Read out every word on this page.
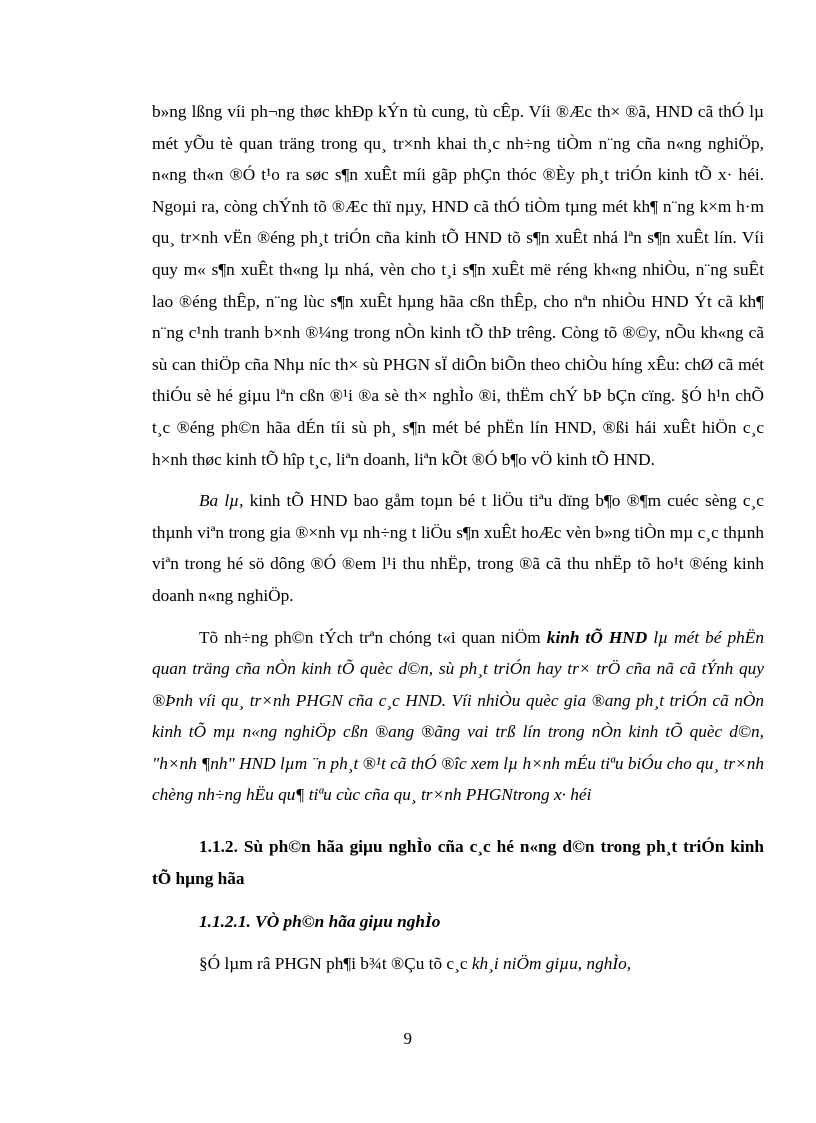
b»ng lßng víi ph¬ng thøc khÐp kÝn tù cung, tù cÊp. Víi ®Æc th× ®ã, HND cã thÓ lµ mét yÕu tè quan träng trong qu¸ tr×nh khai th¸c nh÷ng tiÒm n¨ng cña n«ng nghiÖp, n«ng th«n ®Ó t¹o ra søc s¶n xuÊt míi gãp phÇn thóc ®Èy ph¸t triÓn kinh tÕ x· héi. Ngoµi ra, còng chÝnh tõ ®Æc thï nµy, HND cã thÓ tiÒm tµng mét kh¶ n¨ng k×m h·m qu¸ tr×nh vËn ®éng ph¸t triÓn cña kinh tÕ HND tõ s¶n xuÊt nhá lªn s¶n xuÊt lín. Víi quy m« s¶n xuÊt th«ng lµ nhá, vèn cho t¸i s¶n xuÊt më réng kh«ng nhiÒu, n¨ng suÊt lao ®éng thÊp, n¨ng lùc s¶n xuÊt hµng hãa cßn thÊp, cho nªn nhiÒu HND Ýt cã kh¶ n¨ng c¹nh tranh b×nh ®¼ng trong nÒn kinh tÕ thÞ trêng. Còng tõ ®©y, nÕu kh«ng cã sù can thiÖp cña Nhµ níc th× sù PHGN sÏ diÔn biÕn theo chiÒu híng xÊu: chØ cã mét thiÓu sè hé giµu lªn cßn ®¹i ®a sè th× nghÌo ®i, thËm chÝ bÞ bÇn cïng. §Ó h¹n chÕ t¸c ®éng ph©n hãa dÉn tíi sù ph¸ s¶n mét bé phËn lín HND, ®ßi hái xuÊt hiÖn c¸c h×nh thøc kinh tÕ hîp t¸c, liªn doanh, liªn kÕt ®Ó b¶o vÖ kinh tÕ HND.

Ba lµ, kinh tÕ HND bao gåm toµn bé t liÖu tiªu dïng b¶o ®¶m cuéc sèng c¸c thµnh viªn trong gia ®×nh vµ nh÷ng t liÖu s¶n xuÊt hoÆc vèn b»ng tiÒn mµ c¸c thµnh viªn trong hé sö dông ®Ó ®em l¹i thu nhËp, trong ®ã cã thu nhËp tõ ho¹t ®éng kinh doanh n«ng nghiÖp.

Tõ nh÷ng ph©n tÝch trªn chóng t«i quan niÖm kinh tÕ HND lµ mét bé phËn quan träng cña nÒn kinh tÕ quèc d©n, sù ph¸t triÓn hay tr× trÖ cña nã cã tÝnh quy ®Þnh víi qu¸ tr×nh PHGN cña c¸c HND. Víi nhiÒu quèc gia ®ang ph¸t triÓn cã nÒn kinh tÕ mµ n«ng nghiÖp cßn ®ang ®ãng vai trß lín trong nÒn kinh tÕ quèc d©n, "h×nh ¶nh" HND lµm ¨n ph¸t ®¹t cã thÓ ®îc xem lµ h×nh mÉu tiªu biÓu cho qu¸ tr×nh chèng nh÷ng hËu qu¶ tiªu cùc cña qu¸ tr×nh PHGNtrong x· héi

1.1.2. Sù ph©n hãa giµu nghÌo cña c¸c hé n«ng d©n trong ph¸t triÓn kinh tÕ hµng hãa

1.1.2.1. VÒ ph©n hãa giµu nghÌo

§Ó lµm râ PHGN ph¶i b¾t ®Çu tõ c¸c kh¸i niÖm giµu, nghÌo,

9
